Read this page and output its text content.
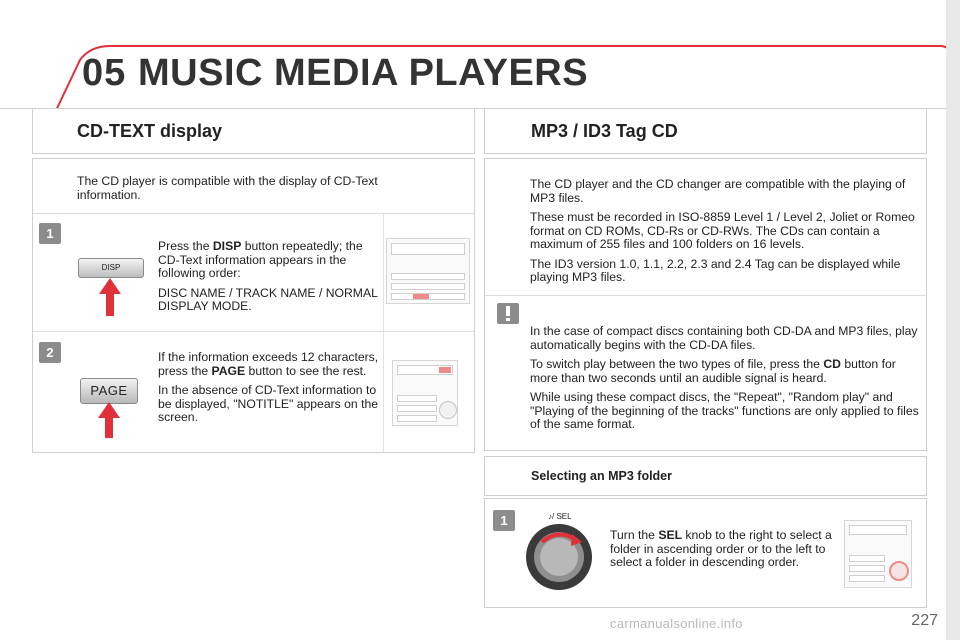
05 MUSIC MEDIA PLAYERS
CD-TEXT display
The CD player is compatible with the display of CD-Text information.
1
DISP

Press the DISP button repeatedly; the CD-Text information appears in the following order:

DISC NAME / TRACK NAME / NORMAL DISPLAY MODE.

2
PAGE

If the information exceeds 12 characters, press the PAGE button to see the rest.

In the absence of CD-Text information to be displayed, "NOTITLE" appears on the screen.

MP3 / ID3 Tag CD

The CD player and the CD changer are compatible with the playing of MP3 files.

These must be recorded in ISO-8859 Level 1 / Level 2, Joliet or Romeo format on CD ROMs, CD-Rs or CD-RWs. The CDs can contain a maximum of 255 files and 100 folders on 16 levels.

The ID3 version 1.0, 1.1, 2.2, 2.3 and 2.4 Tag can be displayed while playing MP3 files.

In the case of compact discs containing both CD-DA and MP3 files, play automatically begins with the CD-DA files.

To switch play between the two types of file, press the CD button for more than two seconds until an audible signal is heard.

While using these compact discs, the "Repeat", "Random play" and "Playing of the beginning of the tracks" functions are only applied to files of the same format.

Selecting an MP3 folder
1	♪/ SEL

Turn the SEL knob to the right to select a folder in ascending order or to the left to select a folder in descending order.

227
carmanualsonline.info
